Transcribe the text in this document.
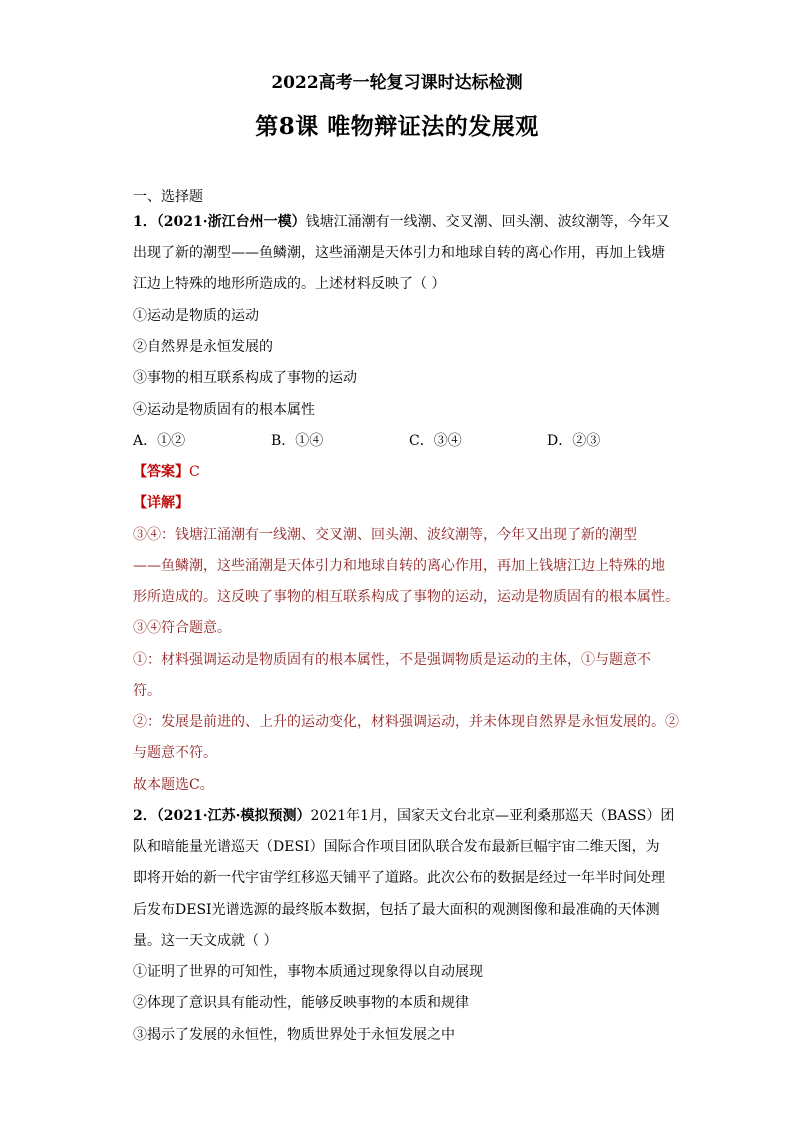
2022高考一轮复习课时达标检测
第8课 唯物辩证法的发展观
一、选择题
1．（2021·浙江台州一模）钱塘江涌潮有一线潮、交叉潮、回头潮、波纹潮等，今年又
出现了新的潮型——鱼鳞潮，这些涌潮是天体引力和地球自转的离心作用，再加上钱塘
江边上特殊的地形所造成的。上述材料反映了（ ）
①运动是物质的运动
②自然界是永恒发展的
③事物的相互联系构成了事物的运动
④运动是物质固有的根本属性
A．①②	B．①④	C．③④	D．②③
【答案】C
【详解】
③④：钱塘江涌潮有一线潮、交叉潮、回头潮、波纹潮等，今年又出现了新的潮型
——鱼鳞潮，这些涌潮是天体引力和地球自转的离心作用，再加上钱塘江边上特殊的地
形所造成的。这反映了事物的相互联系构成了事物的运动，运动是物质固有的根本属性。
③④符合题意。
①：材料强调运动是物质固有的根本属性，不是强调物质是运动的主体，①与题意不
符。
②：发展是前进的、上升的运动变化，材料强调运动，并未体现自然界是永恒发展的。②
与题意不符。
故本题选C。
2．（2021·江苏·模拟预测）2021年1月，国家天文台北京—亚利桑那巡天（BASS）团
队和暗能量光谱巡天（DESI）国际合作项目团队联合发布最新巨幅宇宙二维天图，为
即将开始的新一代宇宙学红移巡天铺平了道路。此次公布的数据是经过一年半时间处理
后发布DESI光谱选源的最终版本数据，包括了最大面积的观测图像和最准确的天体测
量。这一天文成就（ ）
①证明了世界的可知性，事物本质通过现象得以自动展现
②体现了意识具有能动性，能够反映事物的本质和规律
③揭示了发展的永恒性，物质世界处于永恒发展之中
